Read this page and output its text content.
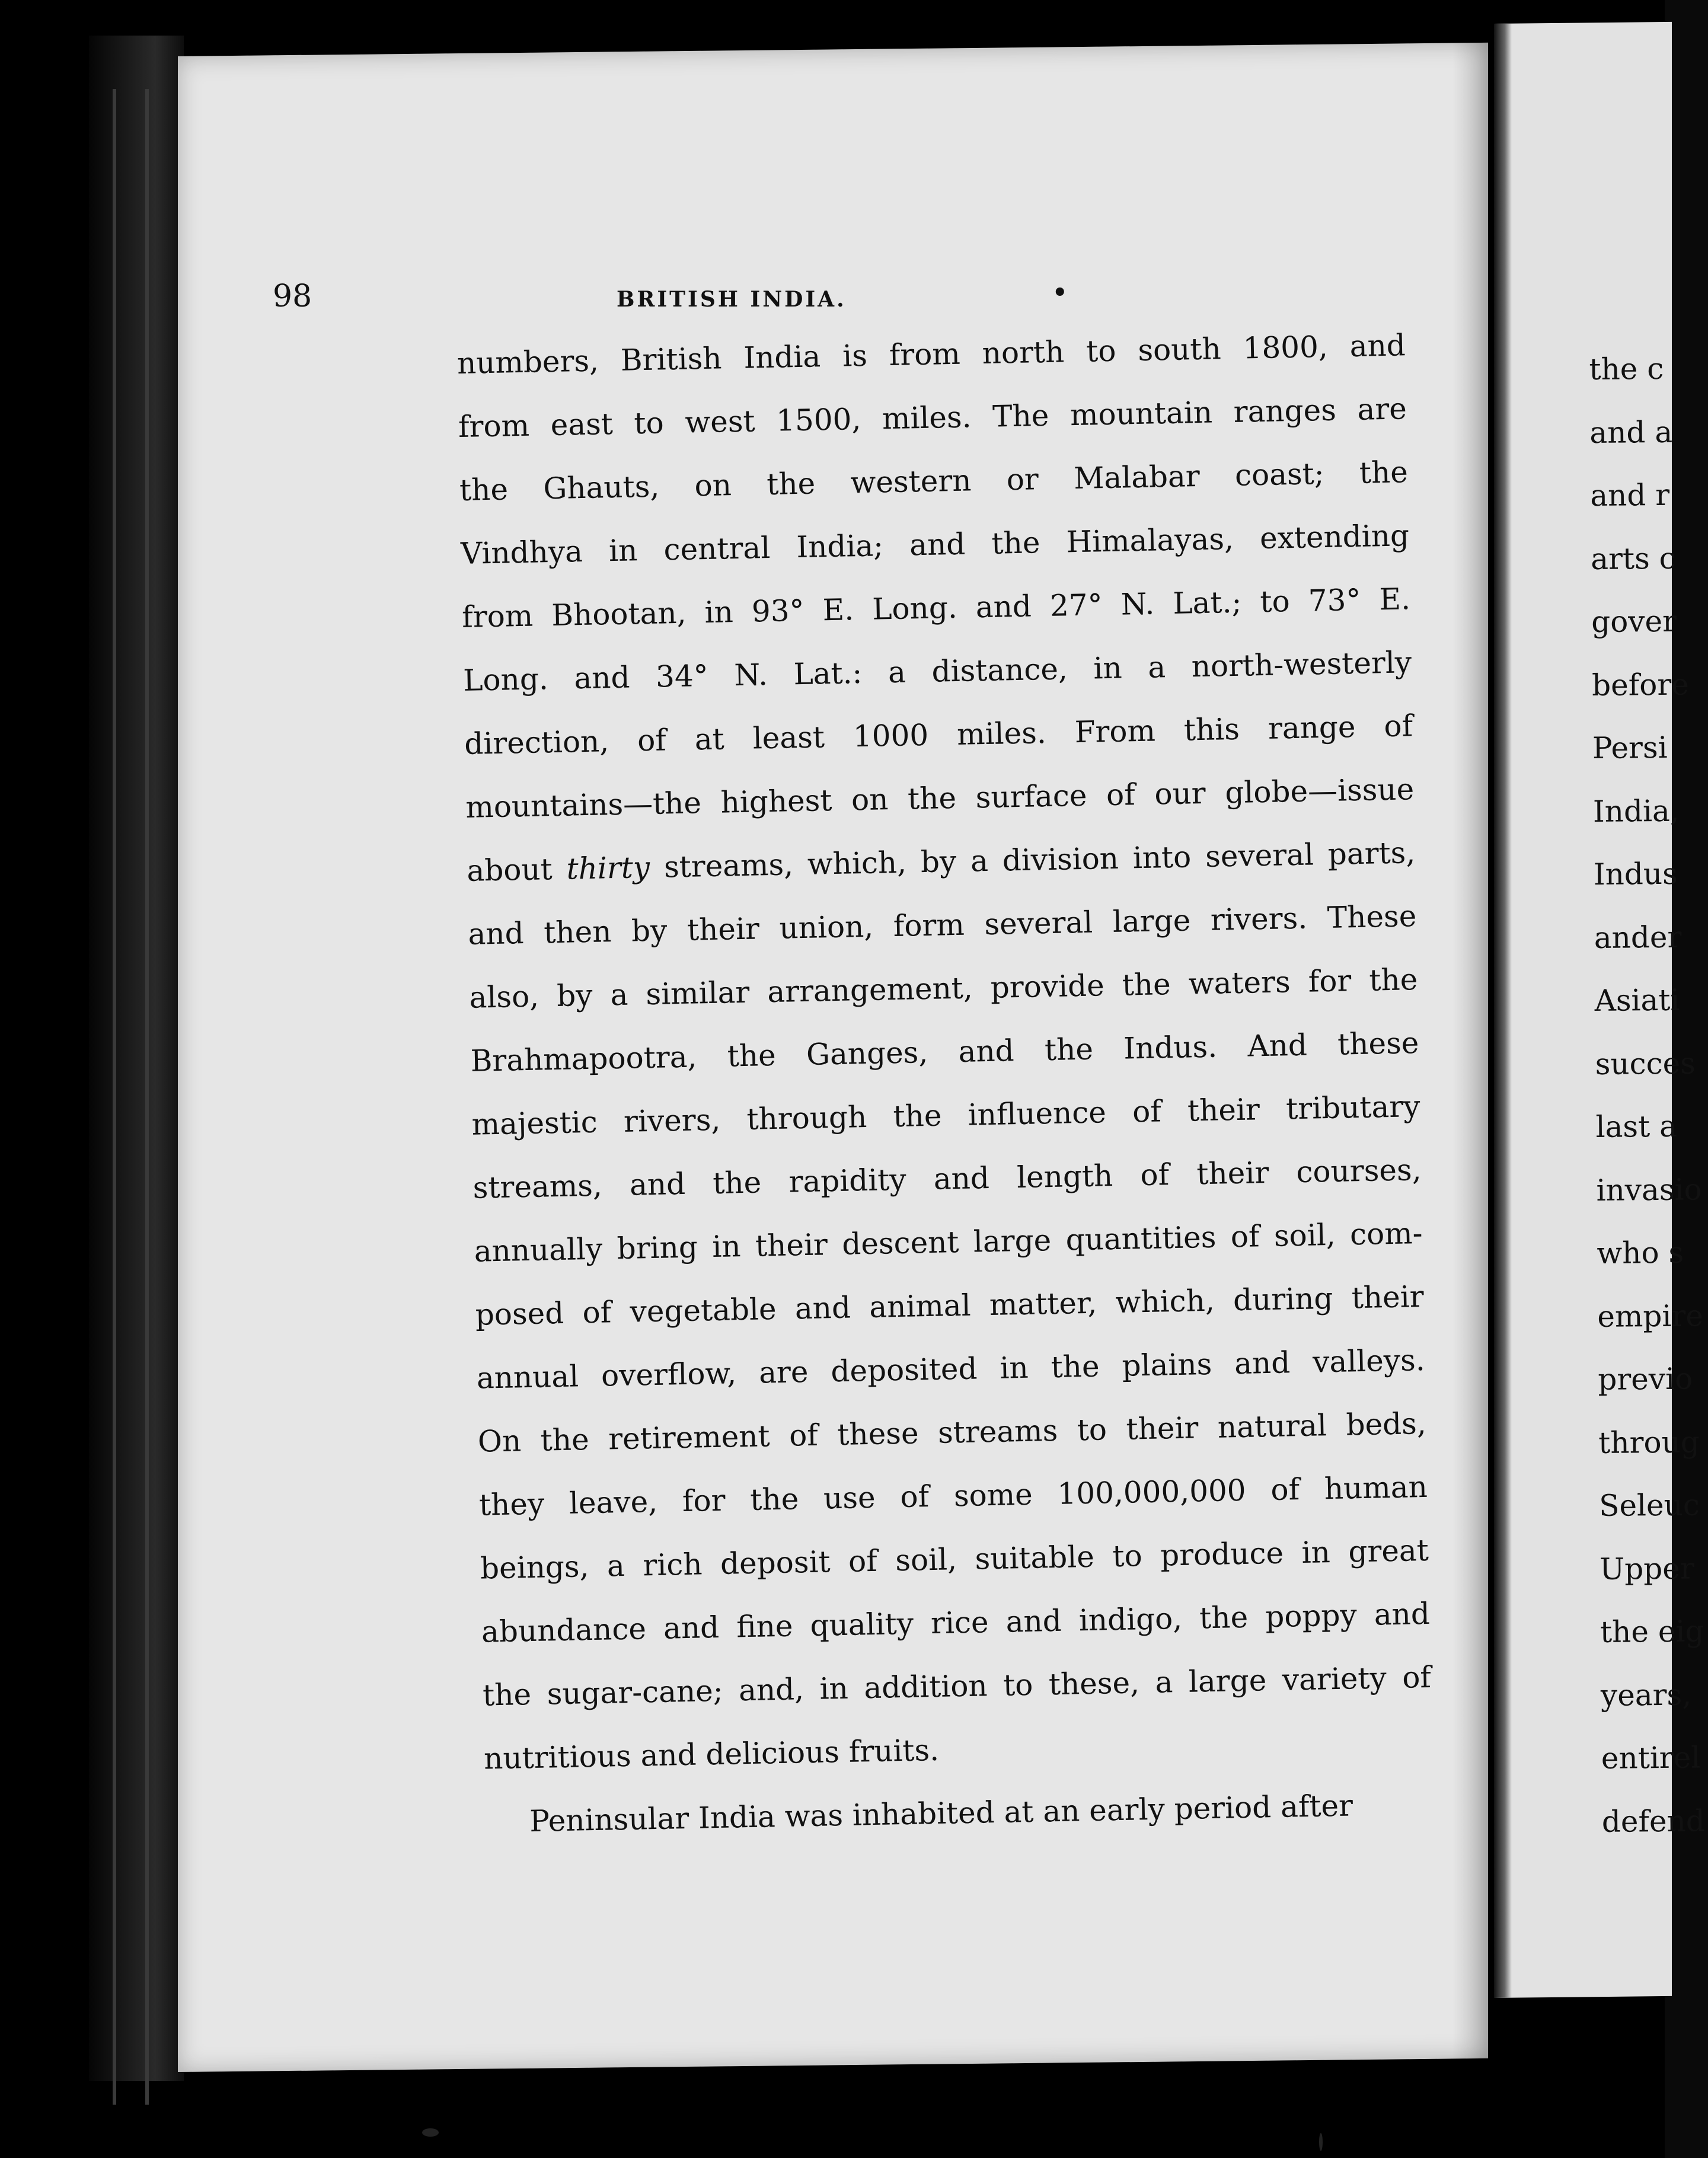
98	BRITISH INDIA.	•
numbers, British India is from north to south 1800, and
from east to west 1500, miles. The mountain ranges are
the Ghauts, on the western or Malabar coast; the
Vindhya in central India; and the Himalayas, extending
from Bhootan, in 93° E. Long. and 27° N. Lat.; to 73° E.
Long. and 34° N. Lat.: a distance, in a north-westerly
direction, of at least 1000 miles. From this range of
mountains—the highest on the surface of our globe—issue
about thirty streams, which, by a division into several parts,
and then by their union, form several large rivers. These
also, by a similar arrangement, provide the waters for the
Brahmapootra, the Ganges, and the Indus. And these
majestic rivers, through the influence of their tributary
streams, and the rapidity and length of their courses,
annually bring in their descent large quantities of soil, com-
posed of vegetable and animal matter, which, during their
annual overflow, are deposited in the plains and valleys.
On the retirement of these streams to their natural beds,
they leave, for the use of some 100,000,000 of human
beings, a rich deposit of soil, suitable to produce in great
abundance and fine quality rice and indigo, the poppy and
the sugar-cane; and, in addition to these, a large variety of
nutritious and delicious fruits.
Peninsular India was inhabited at an early period after
the c
and a
and r
arts c
gover
before
Persi
India,
Indus
ander
Asiati
succes
last a
invasio
who s
empire
previo
throug
Seleuc
Upper
the eig
years,
entirel
defend
